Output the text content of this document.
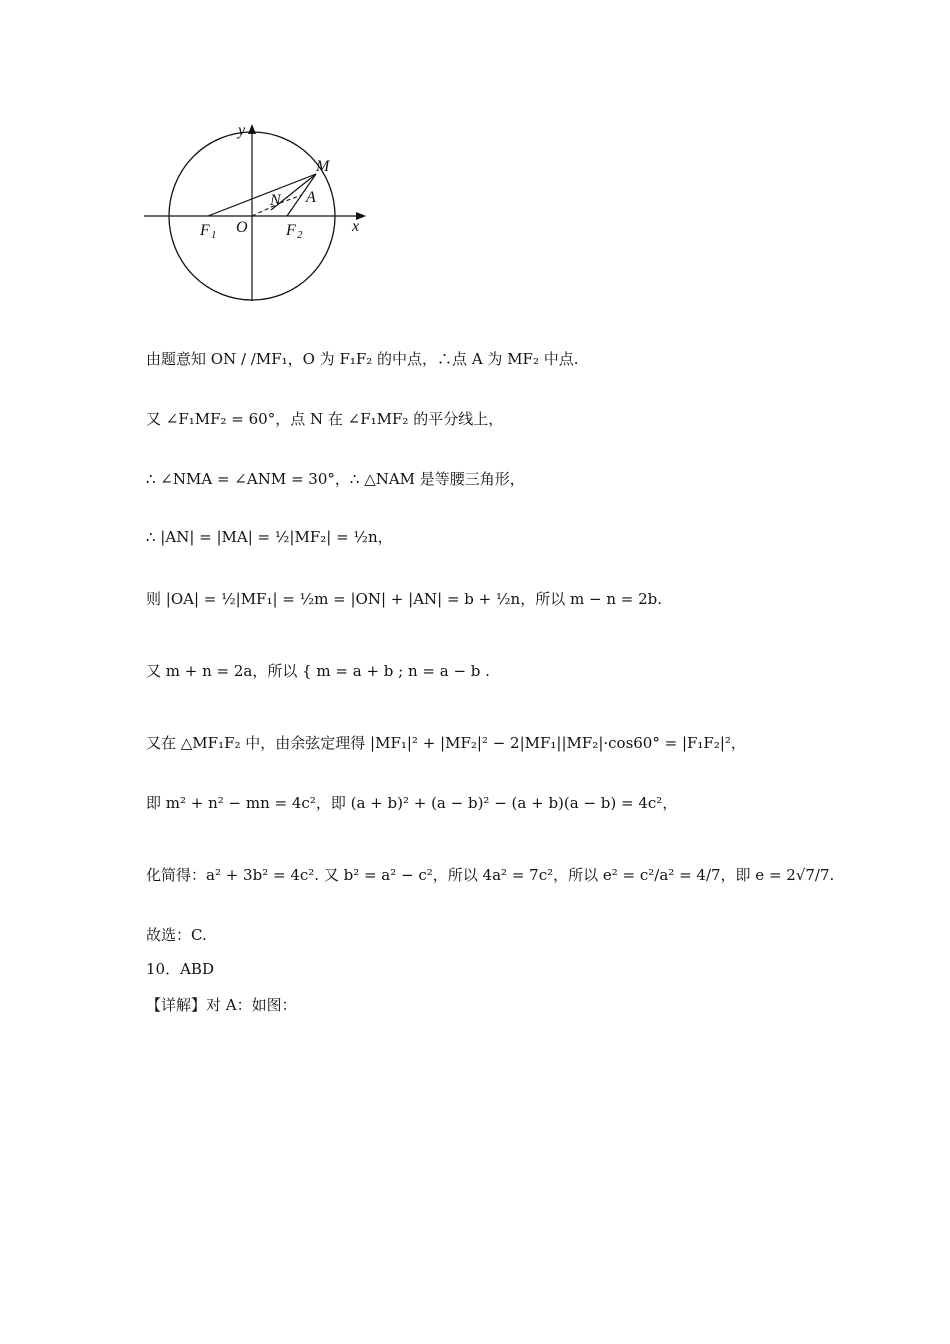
y
x
M
N A
F 1 O F 2
由题意知 ON / /MF₁，O 为 F₁F₂ 的中点，∴点 A 为 MF₂ 中点.
又 ∠F₁MF₂ = 60°，点 N 在 ∠F₁MF₂ 的平分线上，
∴ ∠NMA = ∠ANM = 30°，∴ △NAM 是等腰三角形，
∴ |AN| = |MA| = ½|MF₂| = ½n，
则 |OA| = ½|MF₁| = ½m = |ON| + |AN| = b + ½n，所以 m − n = 2b.
又 m + n = 2a，所以 { m = a + b ; n = a − b .
又在 △MF₁F₂ 中，由余弦定理得 |MF₁|² + |MF₂|² − 2|MF₁||MF₂|·cos60° = |F₁F₂|²，
即 m² + n² − mn = 4c²，即 (a + b)² + (a − b)² − (a + b)(a − b) = 4c²，
化简得：a² + 3b² = 4c². 又 b² = a² − c²，所以 4a² = 7c²，所以 e² = c²/a² = 4/7，即 e = 2√7/7.
故选：C.
10．ABD
【详解】对 A：如图：
